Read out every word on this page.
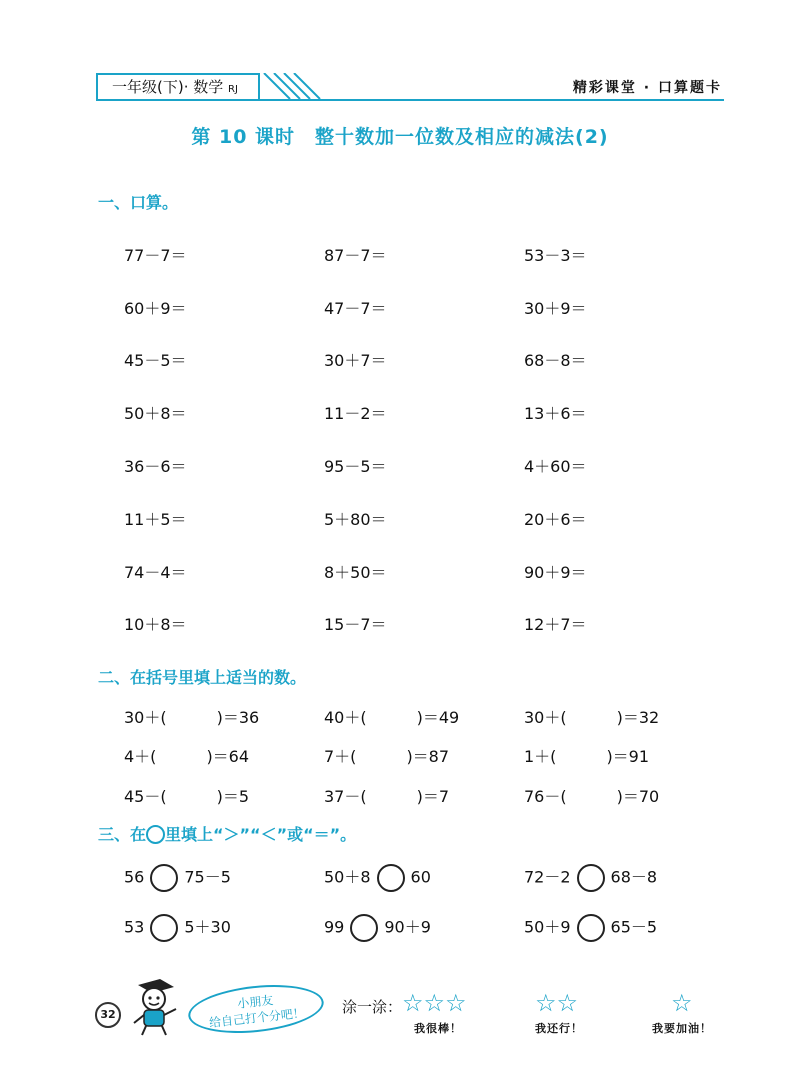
一年级(下)· 数学 RJ	精彩课堂 · 口算题卡
第 10 课时　整十数加一位数及相应的减法(2)
一、口算。
77－7＝	87－7＝	53－3＝
60＋9＝	47－7＝	30＋9＝
45－5＝	30＋7＝	68－8＝
50＋8＝	11－2＝	13＋6＝
36－6＝	95－5＝	4＋60＝
11＋5＝	5＋80＝	20＋6＝
74－4＝	8＋50＝	90＋9＝
10＋8＝	15－7＝	12＋7＝
二、在括号里填上适当的数。
30＋(	)＝36	40＋(	)＝49	30＋(	)＝32
4＋(	)＝64	7＋(	)＝87	1＋(	)＝91
45－(	)＝5	37－(	)＝7	76－(	)＝70
三、在 里填上“＞”“＜”或“＝”。
56	75－5	50＋8	60	72－2	68－8
53	5＋30	99	90＋9	50＋9	65－5
32
小朋友
给自己打个分吧！	涂一涂： ☆☆☆
我很棒！
☆☆
我还行！
☆
我要加油！
